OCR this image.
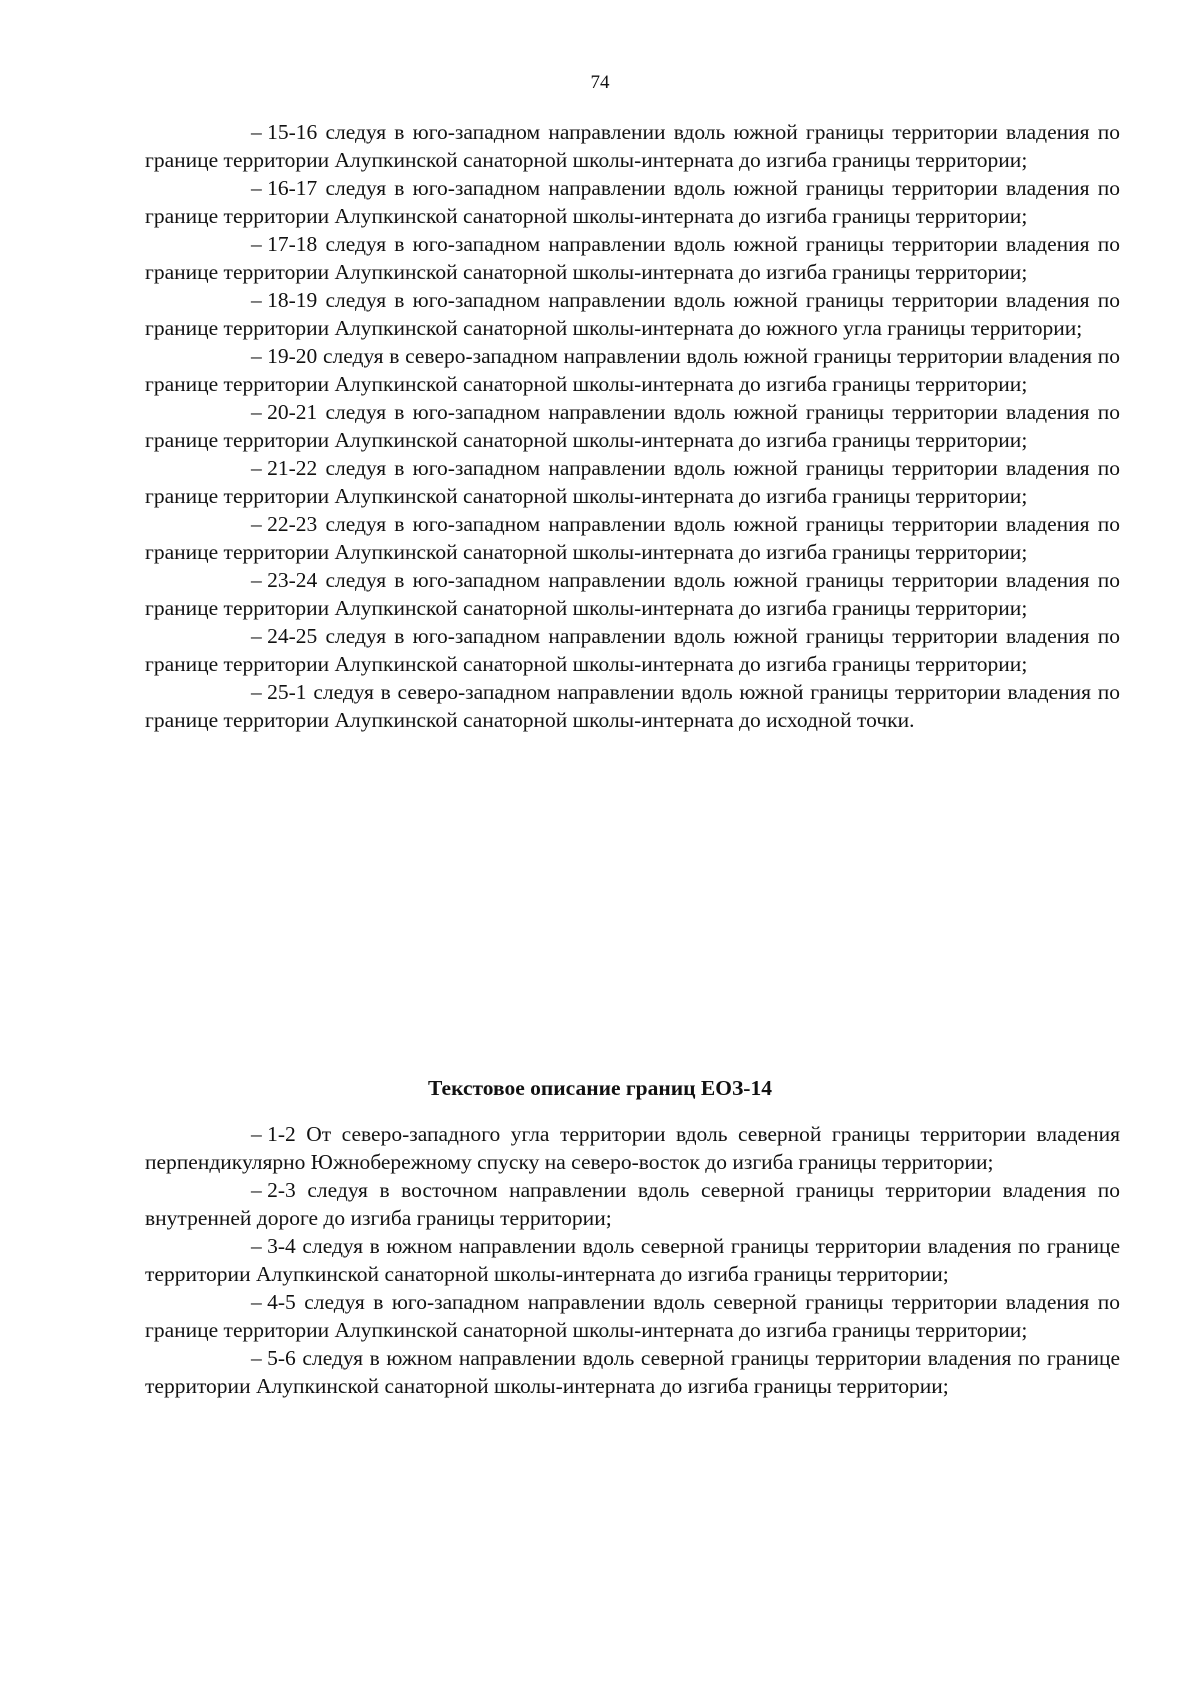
74

– 15-16 следуя в юго-западном направлении вдоль южной границы территории владения по границе территории Алупкинской санаторной школы-интерната до изгиба границы территории;

– 16-17 следуя в юго-западном направлении вдоль южной границы территории владения по границе территории Алупкинской санаторной школы-интерната до изгиба границы территории;

– 17-18 следуя в юго-западном направлении вдоль южной границы территории владения по границе территории Алупкинской санаторной школы-интерната до изгиба границы территории;

– 18-19 следуя в юго-западном направлении вдоль южной границы территории владения по границе территории Алупкинской санаторной школы-интерната до южного угла границы территории;

– 19-20 следуя в северо-западном направлении вдоль южной границы территории владения по границе территории Алупкинской санаторной школы-интерната до изгиба границы территории;

– 20-21 следуя в юго-западном направлении вдоль южной границы территории владения по границе территории Алупкинской санаторной школы-интерната до изгиба границы территории;

– 21-22 следуя в юго-западном направлении вдоль южной границы территории владения по границе территории Алупкинской санаторной школы-интерната до изгиба границы территории;

– 22-23 следуя в юго-западном направлении вдоль южной границы территории владения по границе территории Алупкинской санаторной школы-интерната до изгиба границы территории;

– 23-24 следуя в юго-западном направлении вдоль южной границы территории владения по границе территории Алупкинской санаторной школы-интерната до изгиба границы территории;

– 24-25 следуя в юго-западном направлении вдоль южной границы территории владения по границе территории Алупкинской санаторной школы-интерната до изгиба границы территории;

– 25-1 следуя в северо-западном направлении вдоль южной границы территории владения по границе территории Алупкинской санаторной школы-интерната до исходной точки.

Текстовое описание границ ЕОЗ-14

– 1-2 От северо-западного угла территории вдоль северной границы территории владения перпендикулярно Южнобережному спуску на северо-восток до изгиба границы территории;

– 2-3 следуя в восточном направлении вдоль северной границы территории владения по внутренней дороге до изгиба границы территории;

– 3-4 следуя в южном направлении вдоль северной границы территории владения по границе территории Алупкинской санаторной школы-интерната до изгиба границы территории;

– 4-5 следуя в юго-западном направлении вдоль северной границы территории владения по границе территории Алупкинской санаторной школы-интерната до изгиба границы территории;

– 5-6 следуя в южном направлении вдоль северной границы территории владения по границе территории Алупкинской санаторной школы-интерната до изгиба границы территории;
